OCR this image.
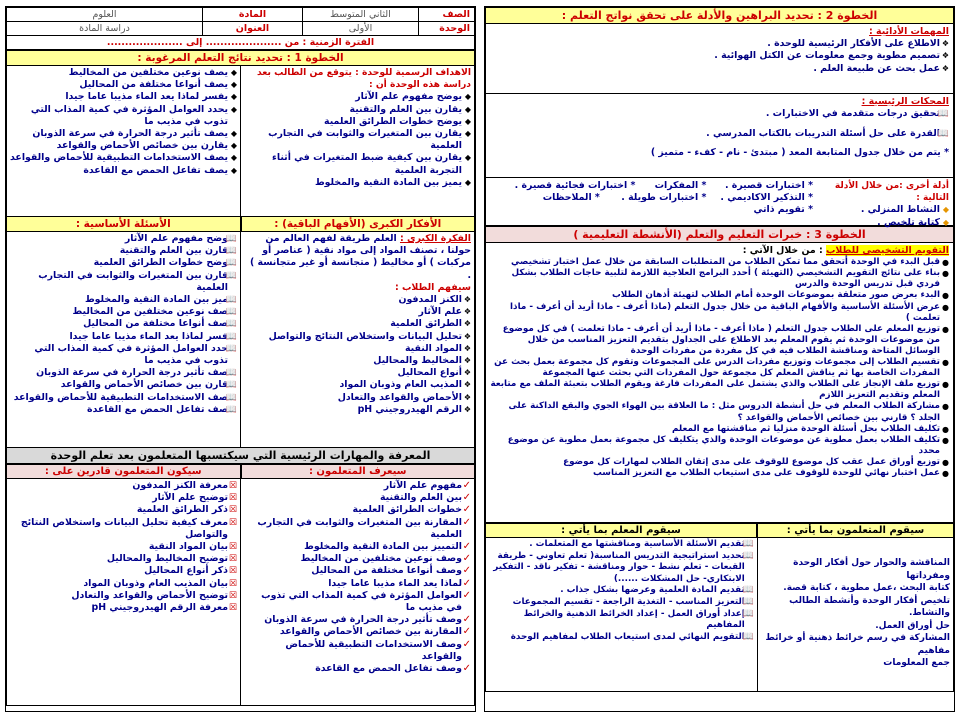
الصف	الثاني المتوسط	المادة	العلوم
الوحدة	الأولى	العنوان	دراسة المادة
الفترة الزمنية : من ..................... إلى .....................			
الخطوة 1 : تحديد نتائج التعلم المرغوبة :
الاهداف الرسمية للوحدة : يتوقع من الطالب بعد دراسة هذه الوحدة أن :
◆
يوضح مفهوم علم الآثار
◆
يقارن بين العلم والتقنية
◆
يوضح خطوات الطرائق العلمية
◆
يقارن بين المتغيرات والثوابت في التجارب العلمية
◆
يقارن بين كيفية ضبط المتغيرات في أثناء التجربة العلمية
◆
يميز بين المادة النقية والمخلوط
◆
يصف نوعين مختلفين من المخاليط
◆
يصف أنواعا مختلفة من المحاليل
◆
يفسر لماذا يعد الماء مذيبا عاما جيدا
◆
يحدد العوامل المؤثرة في كمية المذاب التي تذوب في مذيب ما
◆
يصف تأثير درجة الحرارة في سرعة الذوبان
◆
يقارن بين خصائص الأحماض والقواعد
◆
يصف الاستخدامات التطبيقية للأحماض والقواعد
◆
يصف تفاعل الحمض مع القاعدة
الأفكار الكبرى (الأفهام الباقية) :
الأسئلة الأساسية :
الفكرة الكبرى : العلم طريقة لفهم العالم من حولنا ، تصنف المواد إلى مواد نقية ( عناصر أو مركبات ) أو مخاليط ( متجانسة أو غير متجانسة ) .
سيفهم الطلاب :
❖
الكنز المدفون
❖
علم الآثار
❖
الطرائق العلمية
❖
تحليل البيانات واستخلاص النتائج والتواصل
❖
المواد النقية
❖
المخاليط والمحاليل
❖
أنواع المحاليل
❖
المذيب العام وذوبان المواد
❖
الأحماض والقواعد والتعادل
❖
الرقم الهيدروجيني pH
📖
وضح مفهوم علم الآثار
📖
قارن بين العلم والتقنية
📖
وضح خطوات الطرائق العلمية
📖
قارن بين المتغيرات والثوابت في التجارب العلمية
📖
ميز بين المادة النقية والمخلوط
📖
صف نوعين مختلفين من المخاليط
📖
صف أنواعا مختلفة من المحاليل
📖
فسر لماذا يعد الماء مذيبا عاما جيدا
📖
حدد العوامل المؤثرة في كمية المذاب التي تذوب في مذيب ما
📖
صف تأثير درجة الحرارة في سرعة الذوبان
📖
قارن بين خصائص الأحماض والقواعد
📖
صف الاستخدامات التطبيقية للأحماض والقواعد
📖
صف تفاعل الحمض مع القاعدة
المعرفة والمهارات الرئيسية التي سيكتسبها المتعلمون بعد تعلم الوحدة
سيعرف المتعلمون :
سيكون المتعلمون قادرين على :
✓
مفهوم علم الآثار
✓
بين العلم والتقنية
✓
خطوات الطرائق العلمية
✓
المقارنة بين المتغيرات والثوابت في التجارب العلمية
✓
التمييز بين المادة النقية والمخلوط
✓
وصف نوعين مختلفين من المخاليط
✓
وصف أنواعا مختلفة من المحاليل
✓
لماذا يعد الماء مذيبا عاما جيدا
✓
العوامل المؤثرة في كمية المذاب التي تذوب في مذيب ما
✓
وصف تأثير درجة الحرارة في سرعة الذوبان
✓
المقارنة بين خصائص الأحماض والقواعد
✓
وصف الاستخدامات التطبيقية للأحماض والقواعد
✓
وصف تفاعل الحمض مع القاعدة
☒
معرفة الكنز المدفون
☒
توضيح علم الآثار
☒
ذكر الطرائق العلمية
☒
معرف كيفية تحليل البيانات واستخلاص النتائج والتواصل
☒
بيان المواد النقية
☒
توضيح المخاليط والمحاليل
☒
ذكر أنواع المحاليل
☒
بيان المذيب العام وذوبان المواد
☒
توضيح الأحماض والقواعد والتعادل
☒
معرفة الرقم الهيدروجيني pH
الخطوة 2 : تحديد البراهين والأدلة على تحقق نواتج التعلم :
المهمات الأدائية :
❖
الاطلاع على الأفكار الرئيسية للوحدة .
❖
تصميم مطوية وجمع معلومات عن الكتل الهوائية .
❖
عمل بحث عن طبيعة العلم .
المحكات الرئيسية :
📖
تحقيق درجات متقدمة في الاختبارات .
📖
القدرة على حل أسئلة التدريبات بالكتاب المدرسي .
* يتم من خلال جدول المتابعة المعد ( مبتدئ - نام - كفء - متميز )
أدلة أخرى :من خلال الأدلة التالية :
◆
النشاط المنزلي .
◆
كتابة تلخيص .
* اختبارات قصيرة .
* المفكرات
* اختبارات فجائية قصيرة .
* التذكير الاكاديمي .
* اختبارات طويلة .
* الملاحظات
* تقويم ذاتي
الخطوة 3 : خبرات التعليم والتعلم (الأنشطة التعليمية )
التقويم التشخيصي للطلاب : من خلال الآتي :
●
قبل البدء في الوحدة أتحقق مما تمكن الطلاب من المتطلبات السابقة من خلال عمل اختبار تشخيصي
●
بناء على نتائج التقويم التشخيصي (التهيئة ) أحدد البرامج العلاجية اللازمة لتلبية حاجات الطلاب بشكل فردي قبل تدريس الوحدة والدرس
●
البدء بعرض صور متعلقة بموضوعات الوحدة أمام الطلاب لتهيئة أذهان الطلاب
●
عرض الأسئلة الأساسية والأفهام الباقية من خلال جدول التعلم (ماذا أعرف - ماذا أريد أن أعرف - ماذا تعلمت )
●
توزيع المعلم على الطلاب جدول التعلم ( ماذا أعرف - ماذا أريد أن أعرف - ماذا تعلمت ) في كل موضوع من موضوعات الوحدة ثم يقوم المعلم بعد الاطلاع على الجداول بتقديم التعزيز المناسب من خلال الوسائل المتاحة ومناقشة الطلاب فيه في كل مفردة من مفردات الوحدة
●
تقسيم الطلاب إلى مجموعات وتوزيع مفردات الدرس على المجموعات وتقوم كل مجموعة بعمل بحث عن المفردات الخاصة بها ثم يناقش المعلم كل مجموعة حول المفردات التي بحثت عنها المجموعة
●
توزيع ملف الإنجاز على الطلاب والذي يشتمل على المفردات فارغة ويقوم الطلاب بتعبئة الملف مع متابعة المعلم وتقديم التعزيز اللازم
●
مشاركة الطلاب المعلم في حل أنشطة الدروس مثل : ما العلاقة بين الهواء الجوي والبقع الداكنة على الجلد ؟ قارني بين خصائص الأحماض والقواعد ؟
●
تكليف الطلاب بحل أسئلة الوحدة منزليا ثم مناقشتها مع المعلم
●
تكليف الطلاب بعمل مطوية عن موضوعات الوحدة والذي يتكليف كل مجموعة بعمل مطوية عن موضوع محدد
●
توزيع أوراق عمل عقب كل موضوع للوقوف على مدى إتقان الطلاب لمهارات كل موضوع
●
عمل اختبار نهائي للوحدة للوقوف على مدى استيعاب الطلاب مع التعزيز المناسب
سيقوم المتعلمون بما يأتي :
سيقوم المعلم بما يأتي :
المناقشة والحوار حول أفكار الوحدة ومفرداتها
كتابة البحث ،عمل مطوية ، كتابة قصة.
تلخيص أفكار الوحدة وأنشطة الطالب والتشاط.
حل أوراق العمل.
المشاركة في رسم خرائط ذهنية أو خرائط مفاهيم
جمع المعلومات
📖
تقديم الأسئلة الأساسية ومناقشتها مع المتعلمات .
📖
تحديد استراتيجية التدريس المناسبة( تعلم تعاوني - طريقة القبعات - تعلم نشط - حوار ومناقشة - تفكير ناقد - التفكير الابتكاري- حل المشكلات ......)
📖
تقديم المادة العلمية وعرضها بشكل جذاب .
📖
التعزيز المناسب - التغذية الراجعة - تقسيم المجموعات
📖
إعداد أوراق العمل - إعداد الخرائط الذهنية والخرائط المفاهيم
📖
التقويم النهائي لمدى استيعاب الطلاب لمفاهيم الوحدة
